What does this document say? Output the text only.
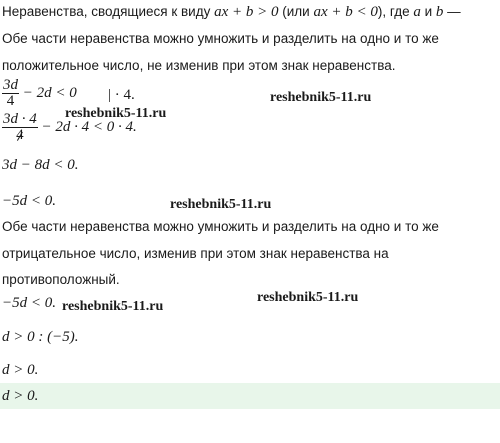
Неравенства, сводящиеся к виду ax + b > 0 (или ax + b < 0), где a и b —
Обе части неравенства можно умножить и разделить на одно и то же
положительное число, не изменив при этом знак неравенства.
$\frac{3d}{4} - 2d < 0$ | · 4.
$\frac{3d \cdot 4}{4} - 2d \cdot 4 < 0 \cdot 4$.
3d − 8d < 0.
−5d < 0.
Обе части неравенства можно умножить и разделить на одно и то же
отрицательное число, изменив при этом знак неравенства на
противоположный.
−5d < 0.
d > 0 : (−5).
d > 0.
d > 0.
reshebnik5-11.ru
reshebnik5-11.ru
reshebnik5-11.ru
reshebnik5-11.ru
reshebnik5-11.ru
